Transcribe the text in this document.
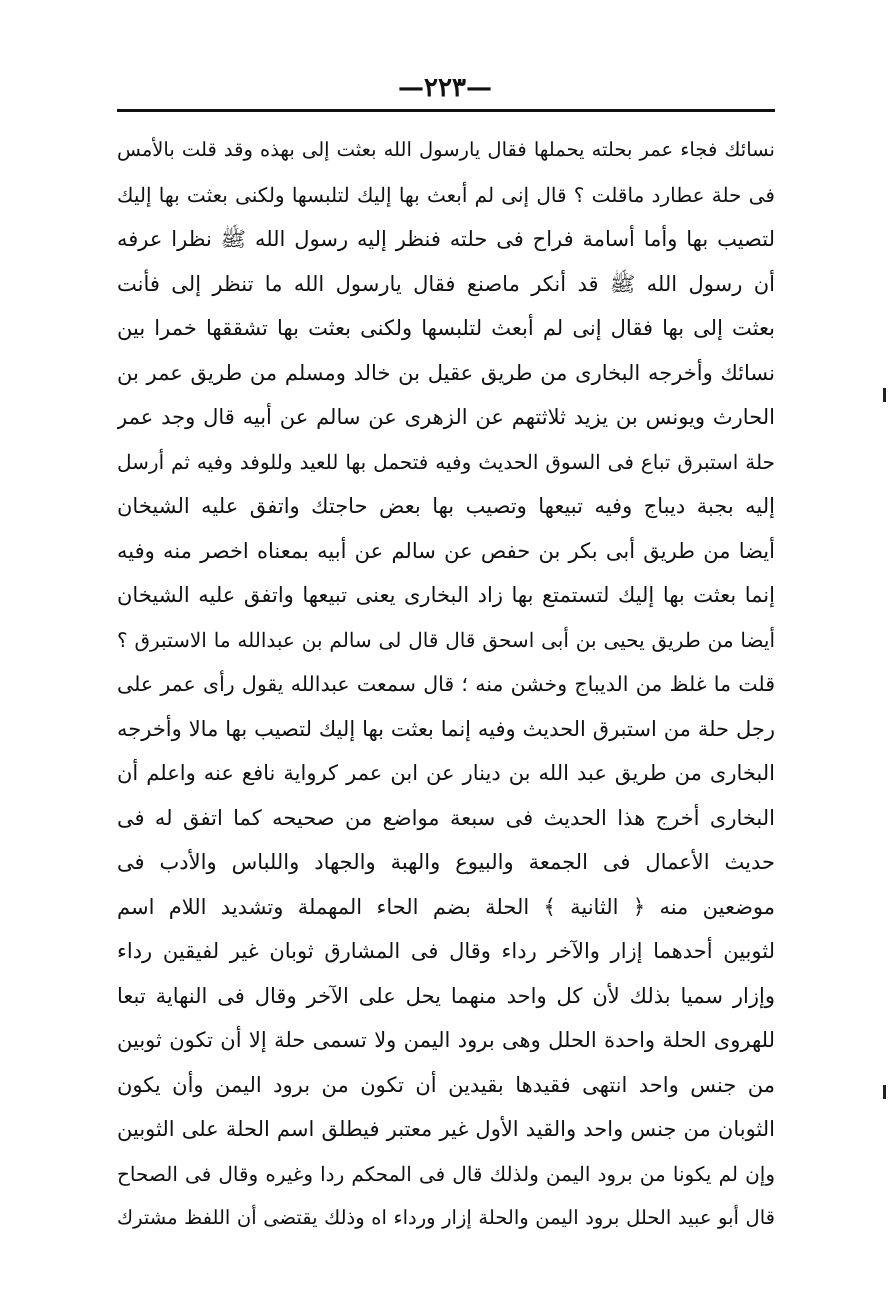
—٢٢٣—
نسائك فجاء عمر بحلته يحملها فقال يارسول الله بعثت إلى بهذه وقد قلت بالأمس
فى حلة عطارد ماقلت ؟ قال إنى لم أبعث بها إليك لتلبسها ولكنى بعثت بها إليك
لتصيب بها وأما أسامة فراح فى حلته فنظر إليه رسول الله ﷺ نظرا عرفه
أن رسول الله ﷺ قد أنكر ماصنع فقال يارسول الله ما تنظر إلى فأنت
بعثت إلى بها فقال إنى لم أبعث لتلبسها ولكنى بعثت بها تشققها خمرا بين
نسائك وأخرجه البخارى من طريق عقيل بن خالد ومسلم من طريق عمر بن
الحارث ويونس بن يزيد ثلاثتهم عن الزهرى عن سالم عن أبيه قال وجد عمر
حلة استبرق تباع فى السوق الحديث وفيه فتحمل بها للعيد وللوفد وفيه ثم أرسل
إليه بجبة ديباج وفيه تبيعها وتصيب بها بعض حاجتك واتفق عليه الشيخان
أيضا من طريق أبى بكر بن حفص عن سالم عن أبيه بمعناه اخصر منه وفيه
إنما بعثت بها إليك لتستمتع بها زاد البخارى يعنى تبيعها واتفق عليه الشيخان
أيضا من طريق يحيى بن أبى اسحق قال قال لى سالم بن عبدالله ما الاستبرق ؟
قلت ما غلظ من الديباج وخشن منه ؛ قال سمعت عبدالله يقول رأى عمر على
رجل حلة من استبرق الحديث وفيه إنما بعثت بها إليك لتصيب بها مالا وأخرجه
البخارى من طريق عبد الله بن دينار عن ابن عمر كرواية نافع عنه واعلم أن
البخارى أخرج هذا الحديث فى سبعة مواضع من صحيحه كما اتفق له فى
حديث الأعمال فى الجمعة والبيوع والهبة والجهاد واللباس والأدب فى
موضعين منه ﴿ الثانية ﴾ الحلة بضم الحاء المهملة وتشديد اللام اسم
لثوبين أحدهما إزار والآخر رداء وقال فى المشارق ثوبان غير لفيقين رداء
وإزار سميا بذلك لأن كل واحد منهما يحل على الآخر وقال فى النهاية تبعا
للهروى الحلة واحدة الحلل وهى برود اليمن ولا تسمى حلة إلا أن تكون ثوبين
من جنس واحد انتهى فقيدها بقيدين أن تكون من برود اليمن وأن يكون
الثوبان من جنس واحد والقيد الأول غير معتبر فيطلق اسم الحلة على الثوبين
وإن لم يكونا من برود اليمن ولذلك قال فى المحكم ردا وغيره وقال فى الصحاح
قال أبو عبيد الحلل برود اليمن والحلة إزار ورداء اه وذلك يقتضى أن اللفظ مشترك
